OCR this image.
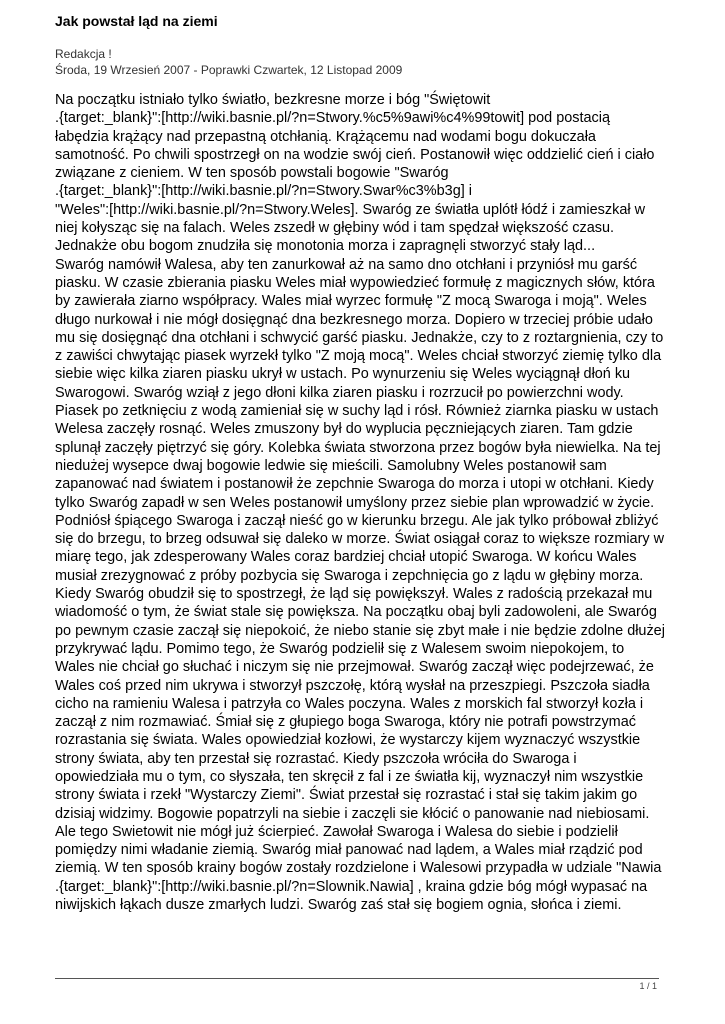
Jak powstał ląd na ziemi
Redakcja !
Środa, 19 Wrzesień 2007 - Poprawki Czwartek, 12 Listopad 2009

Na początku istniało tylko światło, bezkresne morze i bóg "Świętowit
.{target:_blank}":[http://wiki.basnie.pl/?n=Stwory.%c5%9awi%c4%99towit] pod postacią
łabędzia krążący nad przepastną otchłanią. Krążącemu nad wodami bogu dokuczała
samotność. Po chwili spostrzegł on na wodzie swój cień. Postanowił więc oddzielić cień i ciało
związane z cieniem. W ten sposób powstali bogowie "Swaróg
.{target:_blank}":[http://wiki.basnie.pl/?n=Stwory.Swar%c3%b3g] i
"Weles":[http://wiki.basnie.pl/?n=Stwory.Weles]. Swaróg ze światła uplótł łódź i zamieszkał w
niej kołysząc się na falach. Weles zszedł w głębiny wód i tam spędzał większość czasu.
Jednakże obu bogom znudziła się monotonia morza i zapragnęli stworzyć stały ląd...
Swaróg namówił Walesa, aby ten zanurkował aż na samo dno otchłani i przyniósł mu garść
piasku. W czasie zbierania piasku Weles miał wypowiedzieć formułę z magicznych słów, która
by zawierała ziarno współpracy. Wales miał wyrzec formułę "Z mocą Swaroga i moją". Weles
długo nurkował i nie mógł dosięgnąć dna bezkresnego morza. Dopiero w trzeciej próbie udało
mu się dosięgnąć dna otchłani i schwycić garść piasku. Jednakże, czy to z roztargnienia, czy to
z zawiści chwytając piasek wyrzekł tylko "Z moją mocą". Weles chciał stworzyć ziemię tylko dla
siebie więc kilka ziaren piasku ukrył w ustach. Po wynurzeniu się Weles wyciągnął dłoń ku
Swarogowi. Swaróg wziął z jego dłoni kilka ziaren piasku i rozrzucił po powierzchni wody.
Piasek po zetknięciu z wodą zamieniał się w suchy ląd i rósł. Również ziarnka piasku w ustach
Welesa zaczęły rosnąć. Weles zmuszony był do wyplucia pęczniejących ziaren. Tam gdzie
splunął zaczęły piętrzyć się góry. Kolebka świata stworzona przez bogów była niewielka. Na tej
niedużej wysepce dwaj bogowie ledwie się mieścili. Samolubny Weles postanowił sam
zapanować nad światem i postanowił że zepchnie Swaroga do morza i utopi w otchłani. Kiedy
tylko Swaróg zapadł w sen Weles postanowił umyślony przez siebie plan wprowadzić w życie.
Podniósł śpiącego Swaroga i zaczął nieść go w kierunku brzegu. Ale jak tylko próbował zbliżyć
się do brzegu, to brzeg odsuwał się daleko w morze. Świat osiągał coraz to większe rozmiary w
miarę tego, jak zdesperowany Wales coraz bardziej chciał utopić Swaroga. W końcu Wales
musiał zrezygnować z próby pozbycia się Swaroga i zepchnięcia go z lądu w głębiny morza.
Kiedy Swaróg obudził się to spostrzegł, że ląd się powiększył. Wales z radością przekazał mu
wiadomość o tym, że świat stale się powiększa. Na początku obaj byli zadowoleni, ale Swaróg
po pewnym czasie zaczął się niepokoić, że niebo stanie się zbyt małe i nie będzie zdolne dłużej
przykrywać lądu. Pomimo tego, że Swaróg podzielił się z Walesem swoim niepokojem, to
Wales nie chciał go słuchać i niczym się nie przejmował. Swaróg zaczął więc podejrzewać, że
Wales coś przed nim ukrywa i stworzył pszczołę, którą wysłał na przeszpiegi. Pszczoła siadła
cicho na ramieniu Walesa i patrzyła co Wales poczyna. Wales z morskich fal stworzył kozła i
zaczął z nim rozmawiać. Śmiał się z głupiego boga Swaroga, który nie potrafi powstrzymać
rozrastania się świata. Wales opowiedział kozłowi, że wystarczy kijem wyznaczyć wszystkie
strony świata, aby ten przestał się rozrastać. Kiedy pszczoła wróciła do Swaroga i
opowiedziała mu o tym, co słyszała, ten skręcił z fal i ze światła kij, wyznaczył nim wszystkie
strony świata i rzekł "Wystarczy Ziemi". Świat przestał się rozrastać i stał się takim jakim go
dzisiaj widzimy. Bogowie popatrzyli na siebie i zaczęli sie kłócić o panowanie nad niebiosami.
Ale tego Swietowit nie mógł już ścierpieć. Zawołał Swaroga i Walesa do siebie i podzielił
pomiędzy nimi władanie ziemią. Swaróg miał panować nad lądem, a Wales miał rządzić pod
ziemią. W ten sposób krainy bogów zostały rozdzielone i Walesowi przypadła w udziale "Nawia
.{target:_blank}":[http://wiki.basnie.pl/?n=Slownik.Nawia] , kraina gdzie bóg mógł wypasać na
niwijskich łąkach dusze zmarłych ludzi. Swaróg zaś stał się bogiem ognia, słońca i ziemi.

1 / 1
